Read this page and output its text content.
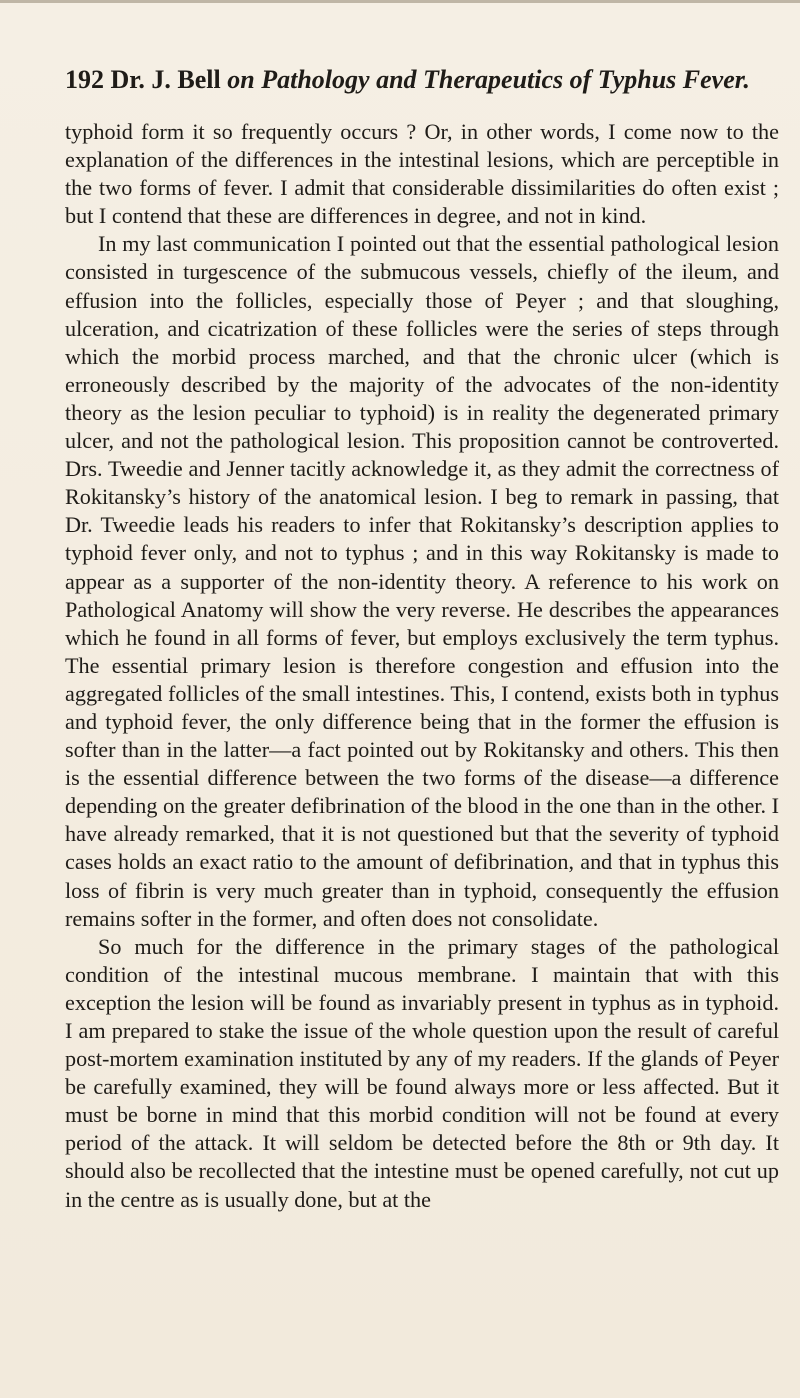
192 Dr. J. Bell on Pathology and Therapeutics of Typhus Fever.

typhoid form it so frequently occurs ? Or, in other words, I come now to the explanation of the differences in the intestinal lesions, which are perceptible in the two forms of fever. I admit that considerable dissimilarities do often exist ; but I contend that these are differences in degree, and not in kind.

In my last communication I pointed out that the essential pathological lesion consisted in turgescence of the submucous vessels, chiefly of the ileum, and effusion into the follicles, especially those of Peyer ; and that sloughing, ulceration, and cicatrization of these follicles were the series of steps through which the morbid process marched, and that the chronic ulcer (which is erroneously described by the majority of the advocates of the non-identity theory as the lesion peculiar to typhoid) is in reality the degenerated primary ulcer, and not the pathological lesion. This proposition cannot be controverted. Drs. Tweedie and Jenner tacitly acknowledge it, as they admit the correctness of Rokitansky’s history of the anatomical lesion. I beg to remark in passing, that Dr. Tweedie leads his readers to infer that Rokitansky’s description applies to typhoid fever only, and not to typhus ; and in this way Rokitansky is made to appear as a supporter of the non-identity theory. A reference to his work on Pathological Anatomy will show the very reverse. He describes the appearances which he found in all forms of fever, but employs exclusively the term typhus. The essential primary lesion is therefore congestion and effusion into the aggregated follicles of the small intestines. This, I contend, exists both in typhus and typhoid fever, the only difference being that in the former the effusion is softer than in the latter—a fact pointed out by Rokitansky and others. This then is the essential difference between the two forms of the disease—a difference depending on the greater defibrination of the blood in the one than in the other. I have already remarked, that it is not questioned but that the severity of typhoid cases holds an exact ratio to the amount of defibrination, and that in typhus this loss of fibrin is very much greater than in typhoid, consequently the effusion remains softer in the former, and often does not consolidate.

So much for the difference in the primary stages of the pathological condition of the intestinal mucous membrane. I maintain that with this exception the lesion will be found as invariably present in typhus as in typhoid. I am prepared to stake the issue of the whole question upon the result of careful post-mortem examination instituted by any of my readers. If the glands of Peyer be carefully examined, they will be found always more or less affected. But it must be borne in mind that this morbid condition will not be found at every period of the attack. It will seldom be detected before the 8th or 9th day. It should also be recollected that the intestine must be opened carefully, not cut up in the centre as is usually done, but at the
